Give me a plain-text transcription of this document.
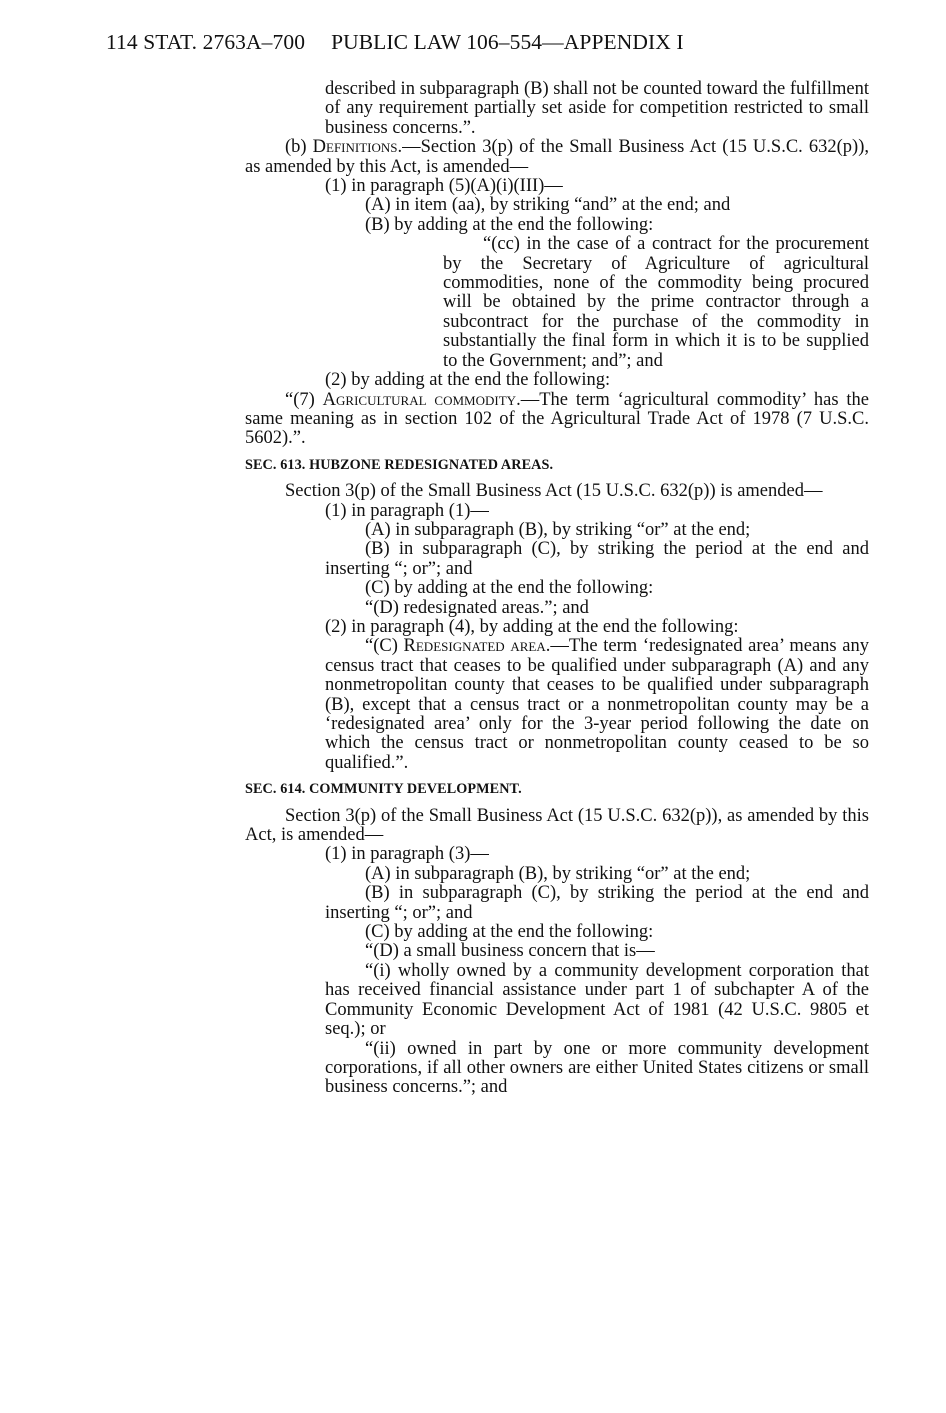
114 STAT. 2763A–700 PUBLIC LAW 106–554—APPENDIX I

described in subparagraph (B) shall not be counted toward the fulfillment of any requirement partially set aside for competition restricted to small business concerns.”.

(b) Definitions.—Section 3(p) of the Small Business Act (15 U.S.C. 632(p)), as amended by this Act, is amended—

(1) in paragraph (5)(A)(i)(III)—

(A) in item (aa), by striking “and” at the end; and

(B) by adding at the end the following:

“(cc) in the case of a contract for the procurement by the Secretary of Agriculture of agricultural commodities, none of the commodity being procured will be obtained by the prime contractor through a subcontract for the purchase of the commodity in substantially the final form in which it is to be supplied to the Government; and”; and

(2) by adding at the end the following:

“(7) Agricultural commodity.—The term ‘agricultural commodity’ has the same meaning as in section 102 of the Agricultural Trade Act of 1978 (7 U.S.C. 5602).”.

SEC. 613. HUBZONE REDESIGNATED AREAS.

Section 3(p) of the Small Business Act (15 U.S.C. 632(p)) is amended—

(1) in paragraph (1)—

(A) in subparagraph (B), by striking “or” at the end;

(B) in subparagraph (C), by striking the period at the end and inserting “; or”; and

(C) by adding at the end the following:

“(D) redesignated areas.”; and

(2) in paragraph (4), by adding at the end the following:

“(C) Redesignated area.—The term ‘redesignated area’ means any census tract that ceases to be qualified under subparagraph (A) and any nonmetropolitan county that ceases to be qualified under subparagraph (B), except that a census tract or a nonmetropolitan county may be a ‘redesignated area’ only for the 3-year period following the date on which the census tract or nonmetropolitan county ceased to be so qualified.”.

SEC. 614. COMMUNITY DEVELOPMENT.

Section 3(p) of the Small Business Act (15 U.S.C. 632(p)), as amended by this Act, is amended—

(1) in paragraph (3)—

(A) in subparagraph (B), by striking “or” at the end;

(B) in subparagraph (C), by striking the period at the end and inserting “; or”; and

(C) by adding at the end the following:

“(D) a small business concern that is—

“(i) wholly owned by a community development corporation that has received financial assistance under part 1 of subchapter A of the Community Economic Development Act of 1981 (42 U.S.C. 9805 et seq.); or

“(ii) owned in part by one or more community development corporations, if all other owners are either United States citizens or small business concerns.”; and
